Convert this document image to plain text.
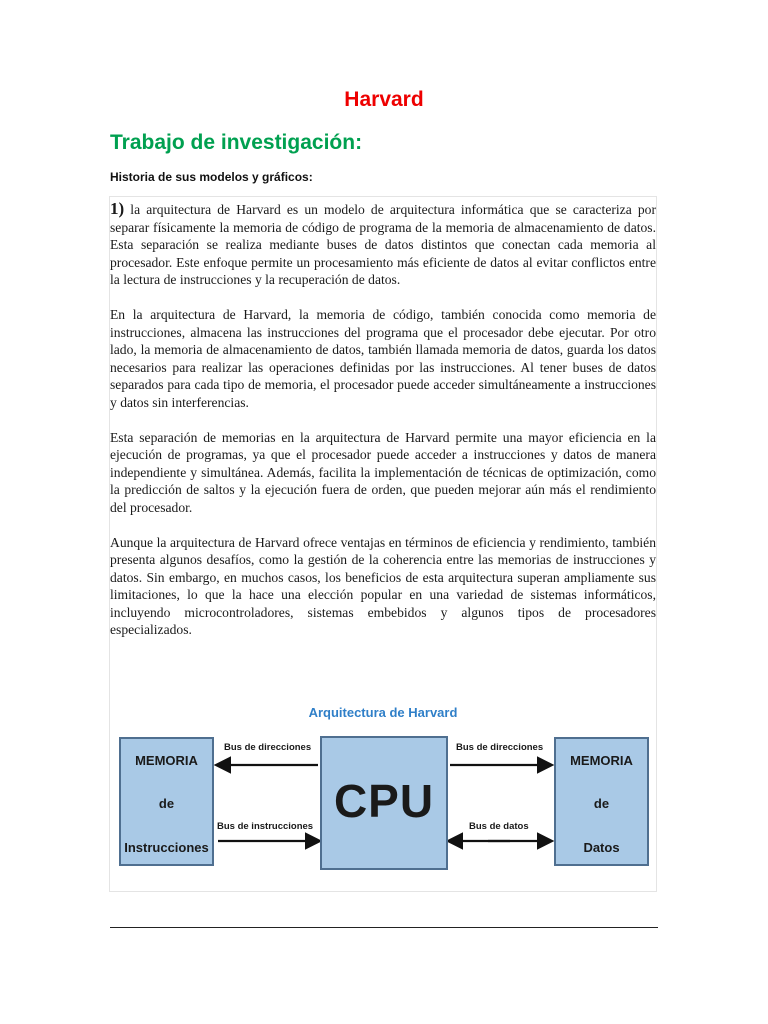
Harvard
Trabajo de investigación:
Historia de sus modelos y gráficos:

1) la arquitectura de Harvard es un modelo de arquitectura informática que se caracteriza por separar físicamente la memoria de código de programa de la memoria de almacenamiento de datos. Esta separación se realiza mediante buses de datos distintos que conectan cada memoria al procesador. Este enfoque permite un procesamiento más eficiente de datos al evitar conflictos entre la lectura de instrucciones y la recuperación de datos.

En la arquitectura de Harvard, la memoria de código, también conocida como memoria de instrucciones, almacena las instrucciones del programa que el procesador debe ejecutar. Por otro lado, la memoria de almacenamiento de datos, también llamada memoria de datos, guarda los datos necesarios para realizar las operaciones definidas por las instrucciones. Al tener buses de datos separados para cada tipo de memoria, el procesador puede acceder simultáneamente a instrucciones y datos sin interferencias.

Esta separación de memorias en la arquitectura de Harvard permite una mayor eficiencia en la ejecución de programas, ya que el procesador puede acceder a instrucciones y datos de manera independiente y simultánea. Además, facilita la implementación de técnicas de optimización, como la predicción de saltos y la ejecución fuera de orden, que pueden mejorar aún más el rendimiento del procesador.

Aunque la arquitectura de Harvard ofrece ventajas en términos de eficiencia y rendimiento, también presenta algunos desafíos, como la gestión de la coherencia entre las memorias de instrucciones y datos. Sin embargo, en muchos casos, los beneficios de esta arquitectura superan ampliamente sus limitaciones, lo que la hace una elección popular en una variedad de sistemas informáticos, incluyendo microcontroladores, sistemas embebidos y algunos tipos de procesadores especializados.

Arquitectura de Harvard
MEMORIA
de
Instrucciones
CPU
MEMORIA
de
Datos
Bus de direcciones
Bus de instrucciones
Bus de direcciones
Bus de datos
